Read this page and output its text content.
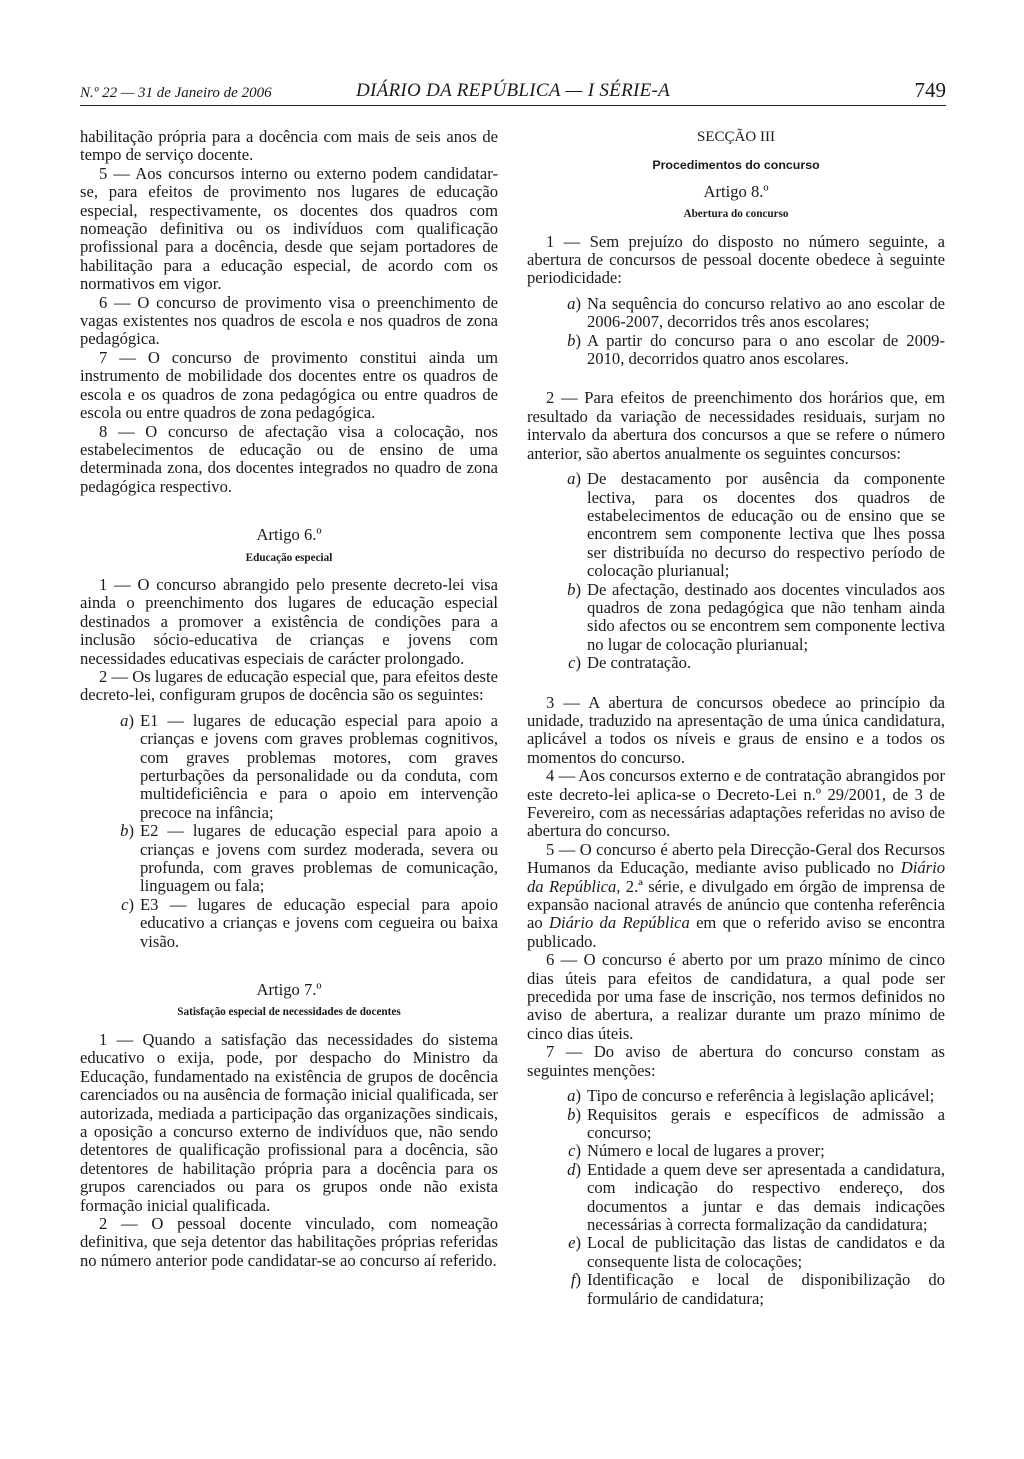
N.º 22 — 31 de Janeiro de 2006	DIÁRIO DA REPÚBLICA — I SÉRIE-A	749

habilitação própria para a docência com mais de seis anos de tempo de serviço docente.

5 — Aos concursos interno ou externo podem candidatar-se, para efeitos de provimento nos lugares de educação especial, respectivamente, os docentes dos quadros com nomeação definitiva ou os indivíduos com qualificação profissional para a docência, desde que sejam portadores de habilitação para a educação especial, de acordo com os normativos em vigor.

6 — O concurso de provimento visa o preenchimento de vagas existentes nos quadros de escola e nos quadros de zona pedagógica.

7 — O concurso de provimento constitui ainda um instrumento de mobilidade dos docentes entre os quadros de escola e os quadros de zona pedagógica ou entre quadros de escola ou entre quadros de zona pedagógica.

8 — O concurso de afectação visa a colocação, nos estabelecimentos de educação ou de ensino de uma determinada zona, dos docentes integrados no quadro de zona pedagógica respectivo.

Artigo 6.º
Educação especial

1 — O concurso abrangido pelo presente decreto-lei visa ainda o preenchimento dos lugares de educação especial destinados a promover a existência de condições para a inclusão sócio-educativa de crianças e jovens com necessidades educativas especiais de carácter prolongado.

2 — Os lugares de educação especial que, para efeitos deste decreto-lei, configuram grupos de docência são os seguintes:

a) E1 — lugares de educação especial para apoio a crianças e jovens com graves problemas cognitivos, com graves problemas motores, com graves perturbações da personalidade ou da conduta, com multideficiência e para o apoio em intervenção precoce na infância;
b) E2 — lugares de educação especial para apoio a crianças e jovens com surdez moderada, severa ou profunda, com graves problemas de comunicação, linguagem ou fala;
c) E3 — lugares de educação especial para apoio educativo a crianças e jovens com cegueira ou baixa visão.
Artigo 7.º
Satisfação especial de necessidades de docentes

1 — Quando a satisfação das necessidades do sistema educativo o exija, pode, por despacho do Ministro da Educação, fundamentado na existência de grupos de docência carenciados ou na ausência de formação inicial qualificada, ser autorizada, mediada a participação das organizações sindicais, a oposição a concurso externo de indivíduos que, não sendo detentores de qualificação profissional para a docência, são detentores de habilitação própria para a docência para os grupos carenciados ou para os grupos onde não exista formação inicial qualificada.

2 — O pessoal docente vinculado, com nomeação definitiva, que seja detentor das habilitações próprias referidas no número anterior pode candidatar-se ao concurso aí referido.

SECÇÃO III
Procedimentos do concurso
Artigo 8.º
Abertura do concurso

1 — Sem prejuízo do disposto no número seguinte, a abertura de concursos de pessoal docente obedece à seguinte periodicidade:

a) Na sequência do concurso relativo ao ano escolar de 2006-2007, decorridos três anos escolares;
b) A partir do concurso para o ano escolar de 2009-2010, decorridos quatro anos escolares.

2 — Para efeitos de preenchimento dos horários que, em resultado da variação de necessidades residuais, surjam no intervalo da abertura dos concursos a que se refere o número anterior, são abertos anualmente os seguintes concursos:

a) De destacamento por ausência da componente lectiva, para os docentes dos quadros de estabelecimentos de educação ou de ensino que se encontrem sem componente lectiva que lhes possa ser distribuída no decurso do respectivo período de colocação plurianual;
b) De afectação, destinado aos docentes vinculados aos quadros de zona pedagógica que não tenham ainda sido afectos ou se encontrem sem componente lectiva no lugar de colocação plurianual;
c) De contratação.

3 — A abertura de concursos obedece ao princípio da unidade, traduzido na apresentação de uma única candidatura, aplicável a todos os níveis e graus de ensino e a todos os momentos do concurso.

4 — Aos concursos externo e de contratação abrangidos por este decreto-lei aplica-se o Decreto-Lei n.º 29/2001, de 3 de Fevereiro, com as necessárias adaptações referidas no aviso de abertura do concurso.

5 — O concurso é aberto pela Direcção-Geral dos Recursos Humanos da Educação, mediante aviso publicado no Diário da República, 2.ª série, e divulgado em órgão de imprensa de expansão nacional através de anúncio que contenha referência ao Diário da República em que o referido aviso se encontra publicado.

6 — O concurso é aberto por um prazo mínimo de cinco dias úteis para efeitos de candidatura, a qual pode ser precedida por uma fase de inscrição, nos termos definidos no aviso de abertura, a realizar durante um prazo mínimo de cinco dias úteis.

7 — Do aviso de abertura do concurso constam as seguintes menções:

a) Tipo de concurso e referência à legislação aplicável;
b) Requisitos gerais e específicos de admissão a concurso;
c) Número e local de lugares a prover;
d) Entidade a quem deve ser apresentada a candidatura, com indicação do respectivo endereço, dos documentos a juntar e das demais indicações necessárias à correcta formalização da candidatura;
e) Local de publicitação das listas de candidatos e da consequente lista de colocações;
f) Identificação e local de disponibilização do formulário de candidatura;
